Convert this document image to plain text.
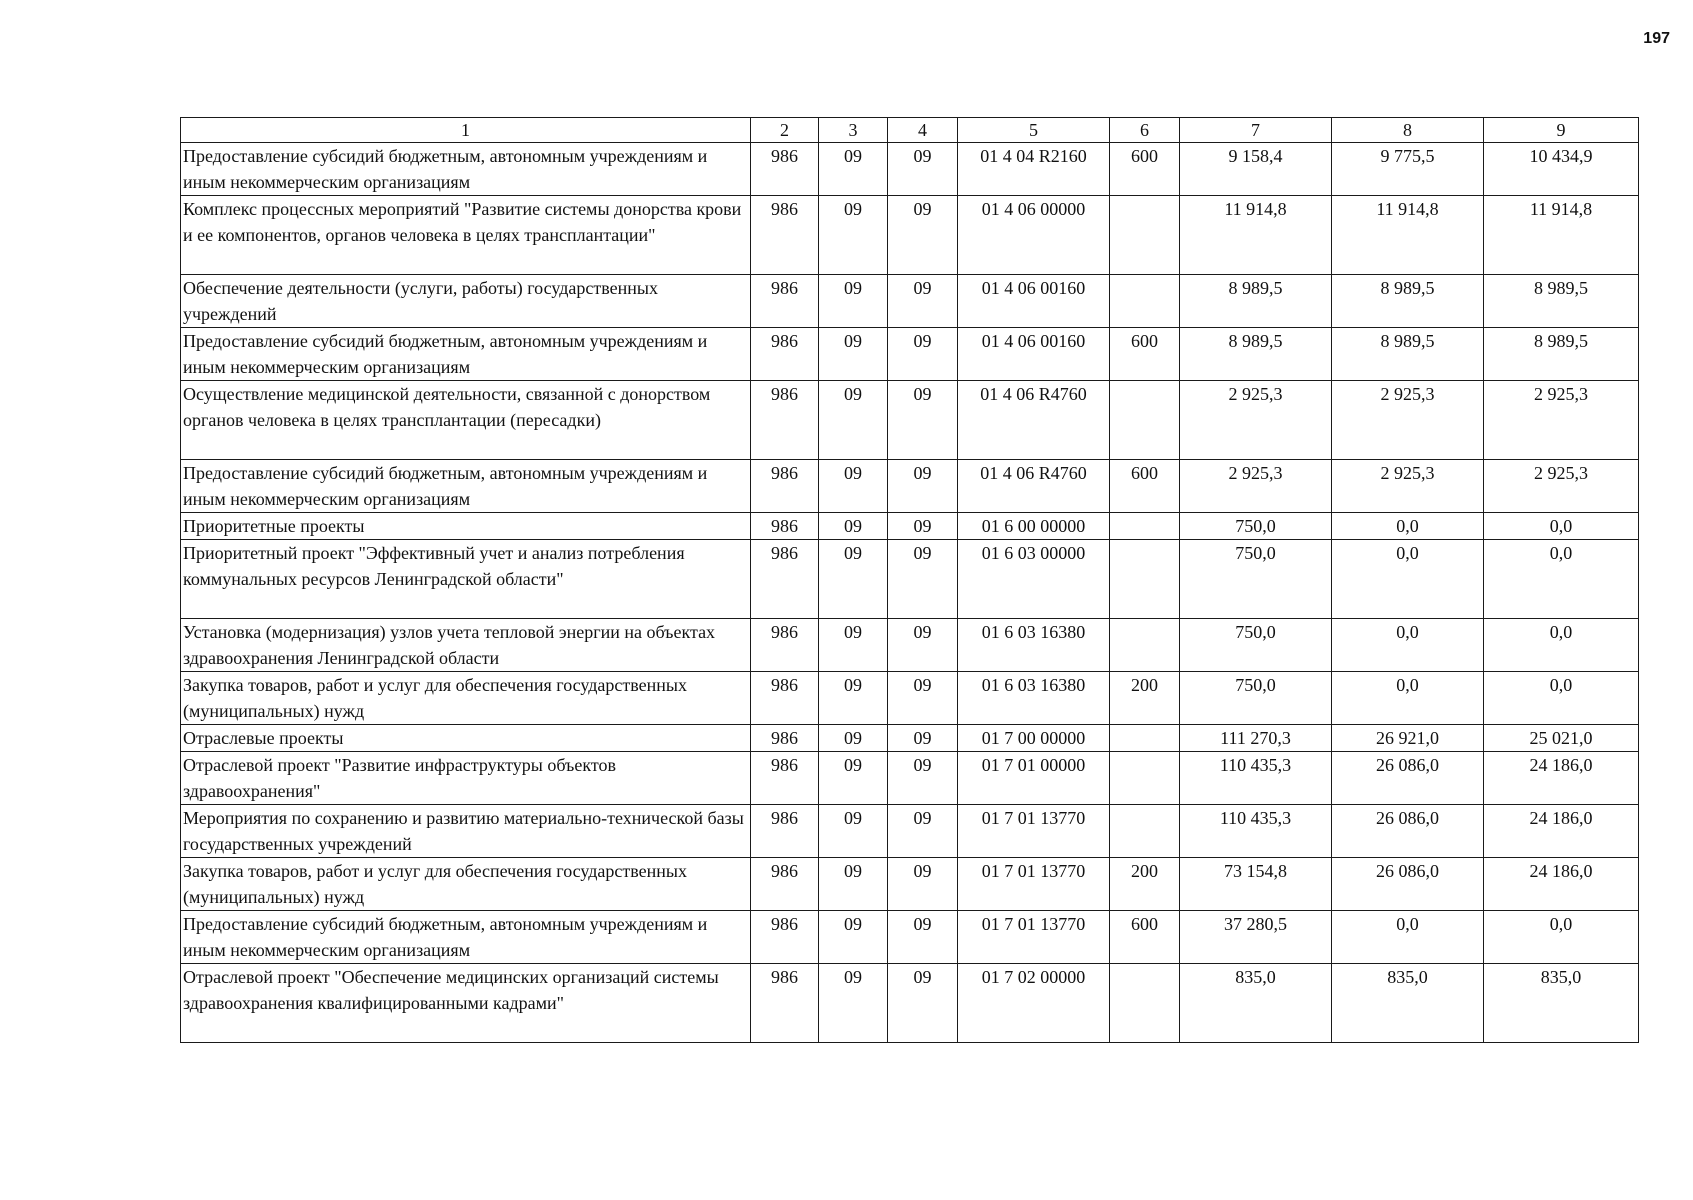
197
1	2	3	4	5	6	7	8	9
Предоставление субсидий бюджетным, автономным учреждениям и иным некоммерческим организациям	986	09	09	01 4 04 R2160	600	9 158,4	9 775,5	10 434,9
Комплекс процессных мероприятий "Развитие системы донорства крови и ее компонентов, органов человека в целях трансплантации"	986	09	09	01 4 06 00000		11 914,8	11 914,8	11 914,8
Обеспечение деятельности (услуги, работы) государственных учреждений	986	09	09	01 4 06 00160		8 989,5	8 989,5	8 989,5
Предоставление субсидий бюджетным, автономным учреждениям и иным некоммерческим организациям	986	09	09	01 4 06 00160	600	8 989,5	8 989,5	8 989,5
Осуществление медицинской деятельности, связанной с донорством органов человека в целях трансплантации (пересадки)	986	09	09	01 4 06 R4760		2 925,3	2 925,3	2 925,3
Предоставление субсидий бюджетным, автономным учреждениям и иным некоммерческим организациям	986	09	09	01 4 06 R4760	600	2 925,3	2 925,3	2 925,3
Приоритетные проекты	986	09	09	01 6 00 00000		750,0	0,0	0,0
Приоритетный проект "Эффективный учет и анализ потребления коммунальных ресурсов Ленинградской области"	986	09	09	01 6 03 00000		750,0	0,0	0,0
Установка (модернизация) узлов учета тепловой энергии на объектах здравоохранения Ленинградской области	986	09	09	01 6 03 16380		750,0	0,0	0,0
Закупка товаров, работ и услуг для обеспечения государственных (муниципальных) нужд	986	09	09	01 6 03 16380	200	750,0	0,0	0,0
Отраслевые проекты	986	09	09	01 7 00 00000		111 270,3	26 921,0	25 021,0
Отраслевой проект "Развитие инфраструктуры объектов здравоохранения"	986	09	09	01 7 01 00000		110 435,3	26 086,0	24 186,0
Мероприятия по сохранению и развитию материально-технической базы государственных учреждений	986	09	09	01 7 01 13770		110 435,3	26 086,0	24 186,0
Закупка товаров, работ и услуг для обеспечения государственных (муниципальных) нужд	986	09	09	01 7 01 13770	200	73 154,8	26 086,0	24 186,0
Предоставление субсидий бюджетным, автономным учреждениям и иным некоммерческим организациям	986	09	09	01 7 01 13770	600	37 280,5	0,0	0,0
Отраслевой проект "Обеспечение медицинских организаций системы здравоохранения квалифицированными кадрами"	986	09	09	01 7 02 00000		835,0	835,0	835,0
